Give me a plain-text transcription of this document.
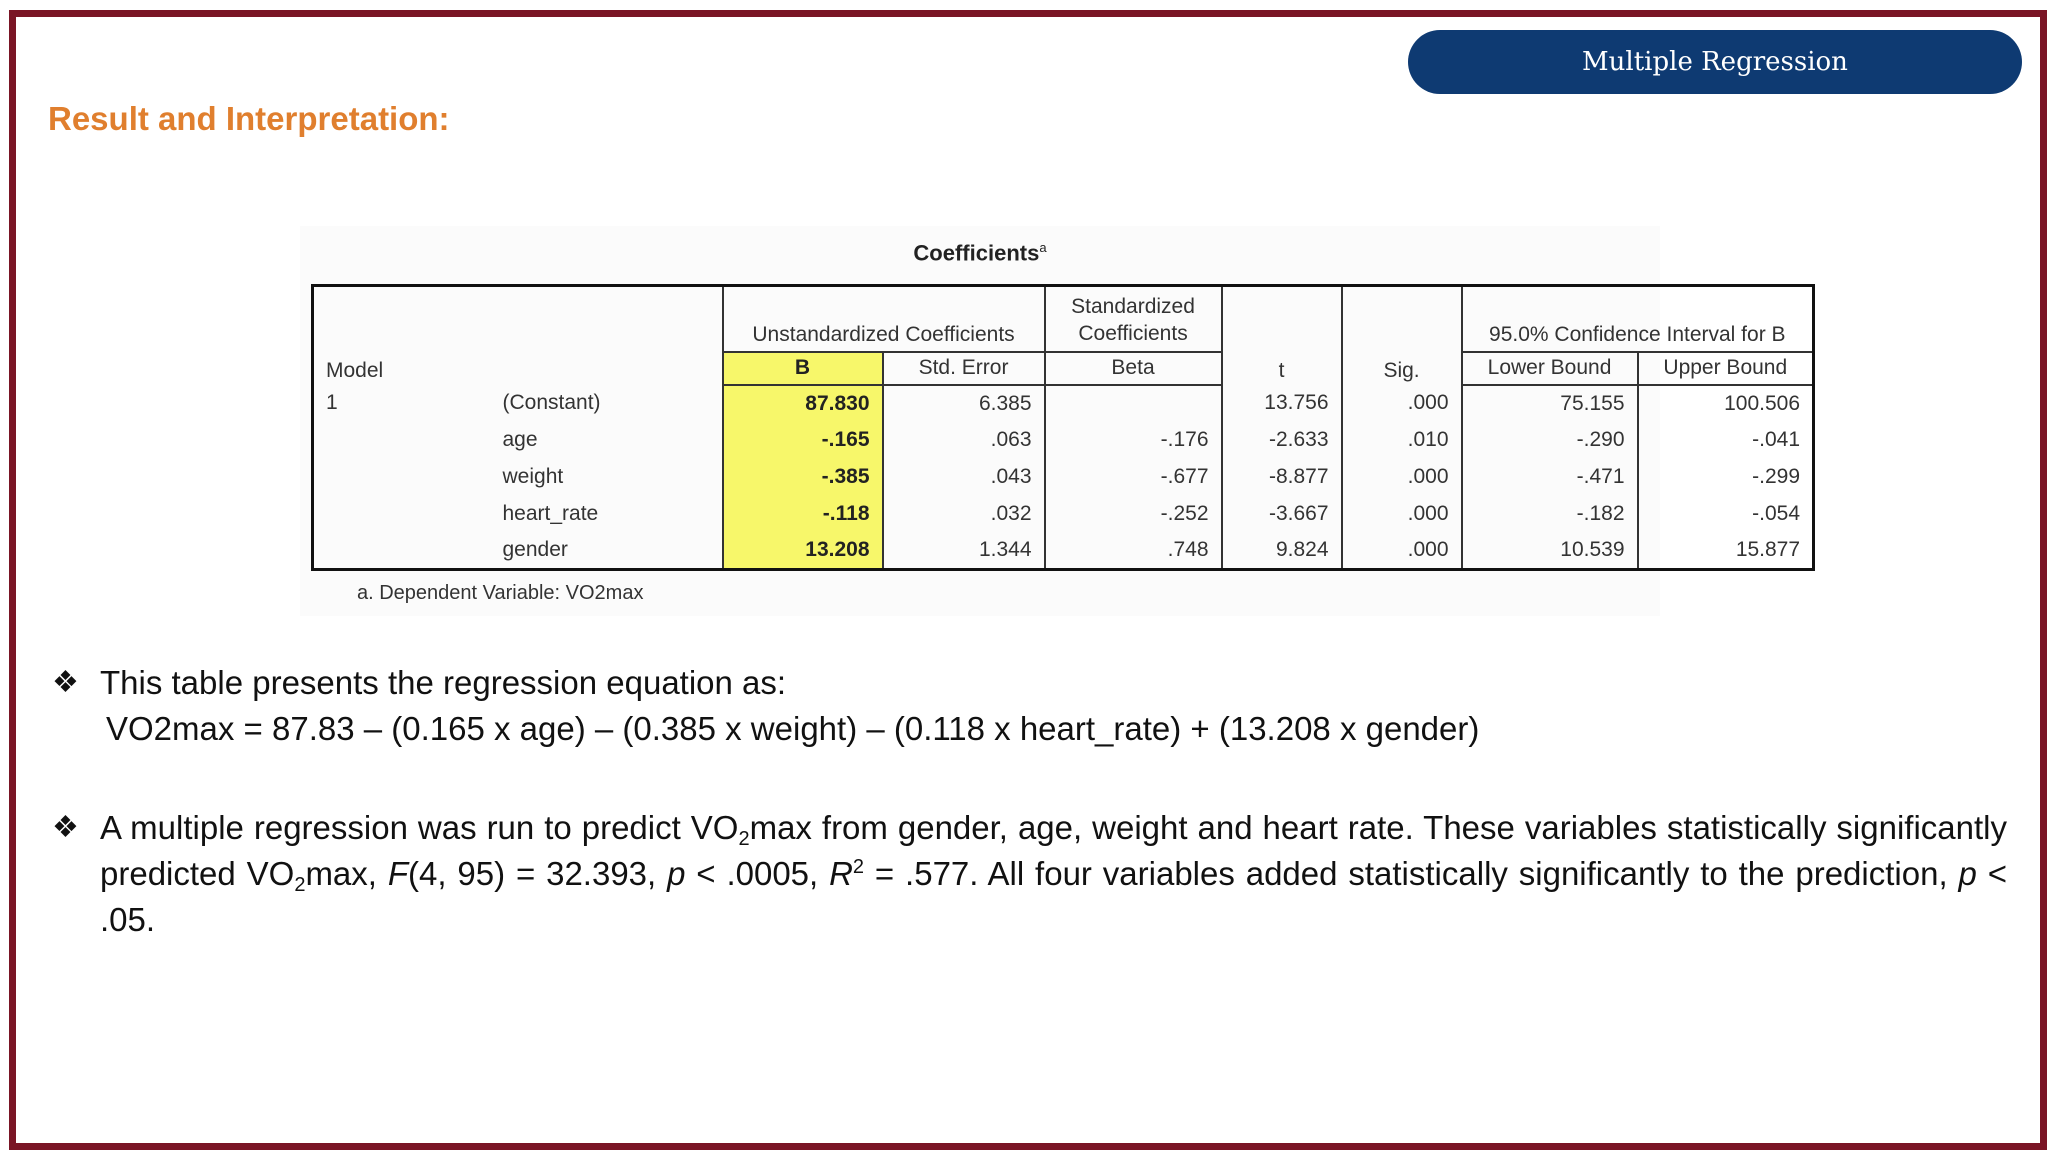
Multiple Regression
Result and Interpretation:
Coefficients$^a$
Model		Unstandardized Coefficients		Standardized Coefficients	t	Sig.	95.0% Confidence Interval for B	
		B	Std. Error	Beta			Lower Bound	Upper Bound
1	(Constant)	87.830	6.385		13.756	.000	75.155	100.506
	age	-.165	.063	-.176	-2.633	.010	-.290	-.041
	weight	-.385	.043	-.677	-8.877	.000	-.471	-.299
	heart_rate	-.118	.032	-.252	-3.667	.000	-.182	-.054
	gender	13.208	1.344	.748	9.824	.000	10.539	15.877
a. Dependent Variable: VO2max
❖ This table presents the regression equation as:
VO2max = 87.83 – (0.165 x age) – (0.385 x weight) – (0.118 x heart_rate) + (13.208 x gender)
❖ A multiple regression was run to predict $VO_2\max$ from gender, age, weight and heart rate. These variables statistically significantly predicted $VO_2\max$, F(4, 95) = 32.393, p < .0005, $R^2 = .577$. All four variables added statistically significantly to the prediction, p < .05.
